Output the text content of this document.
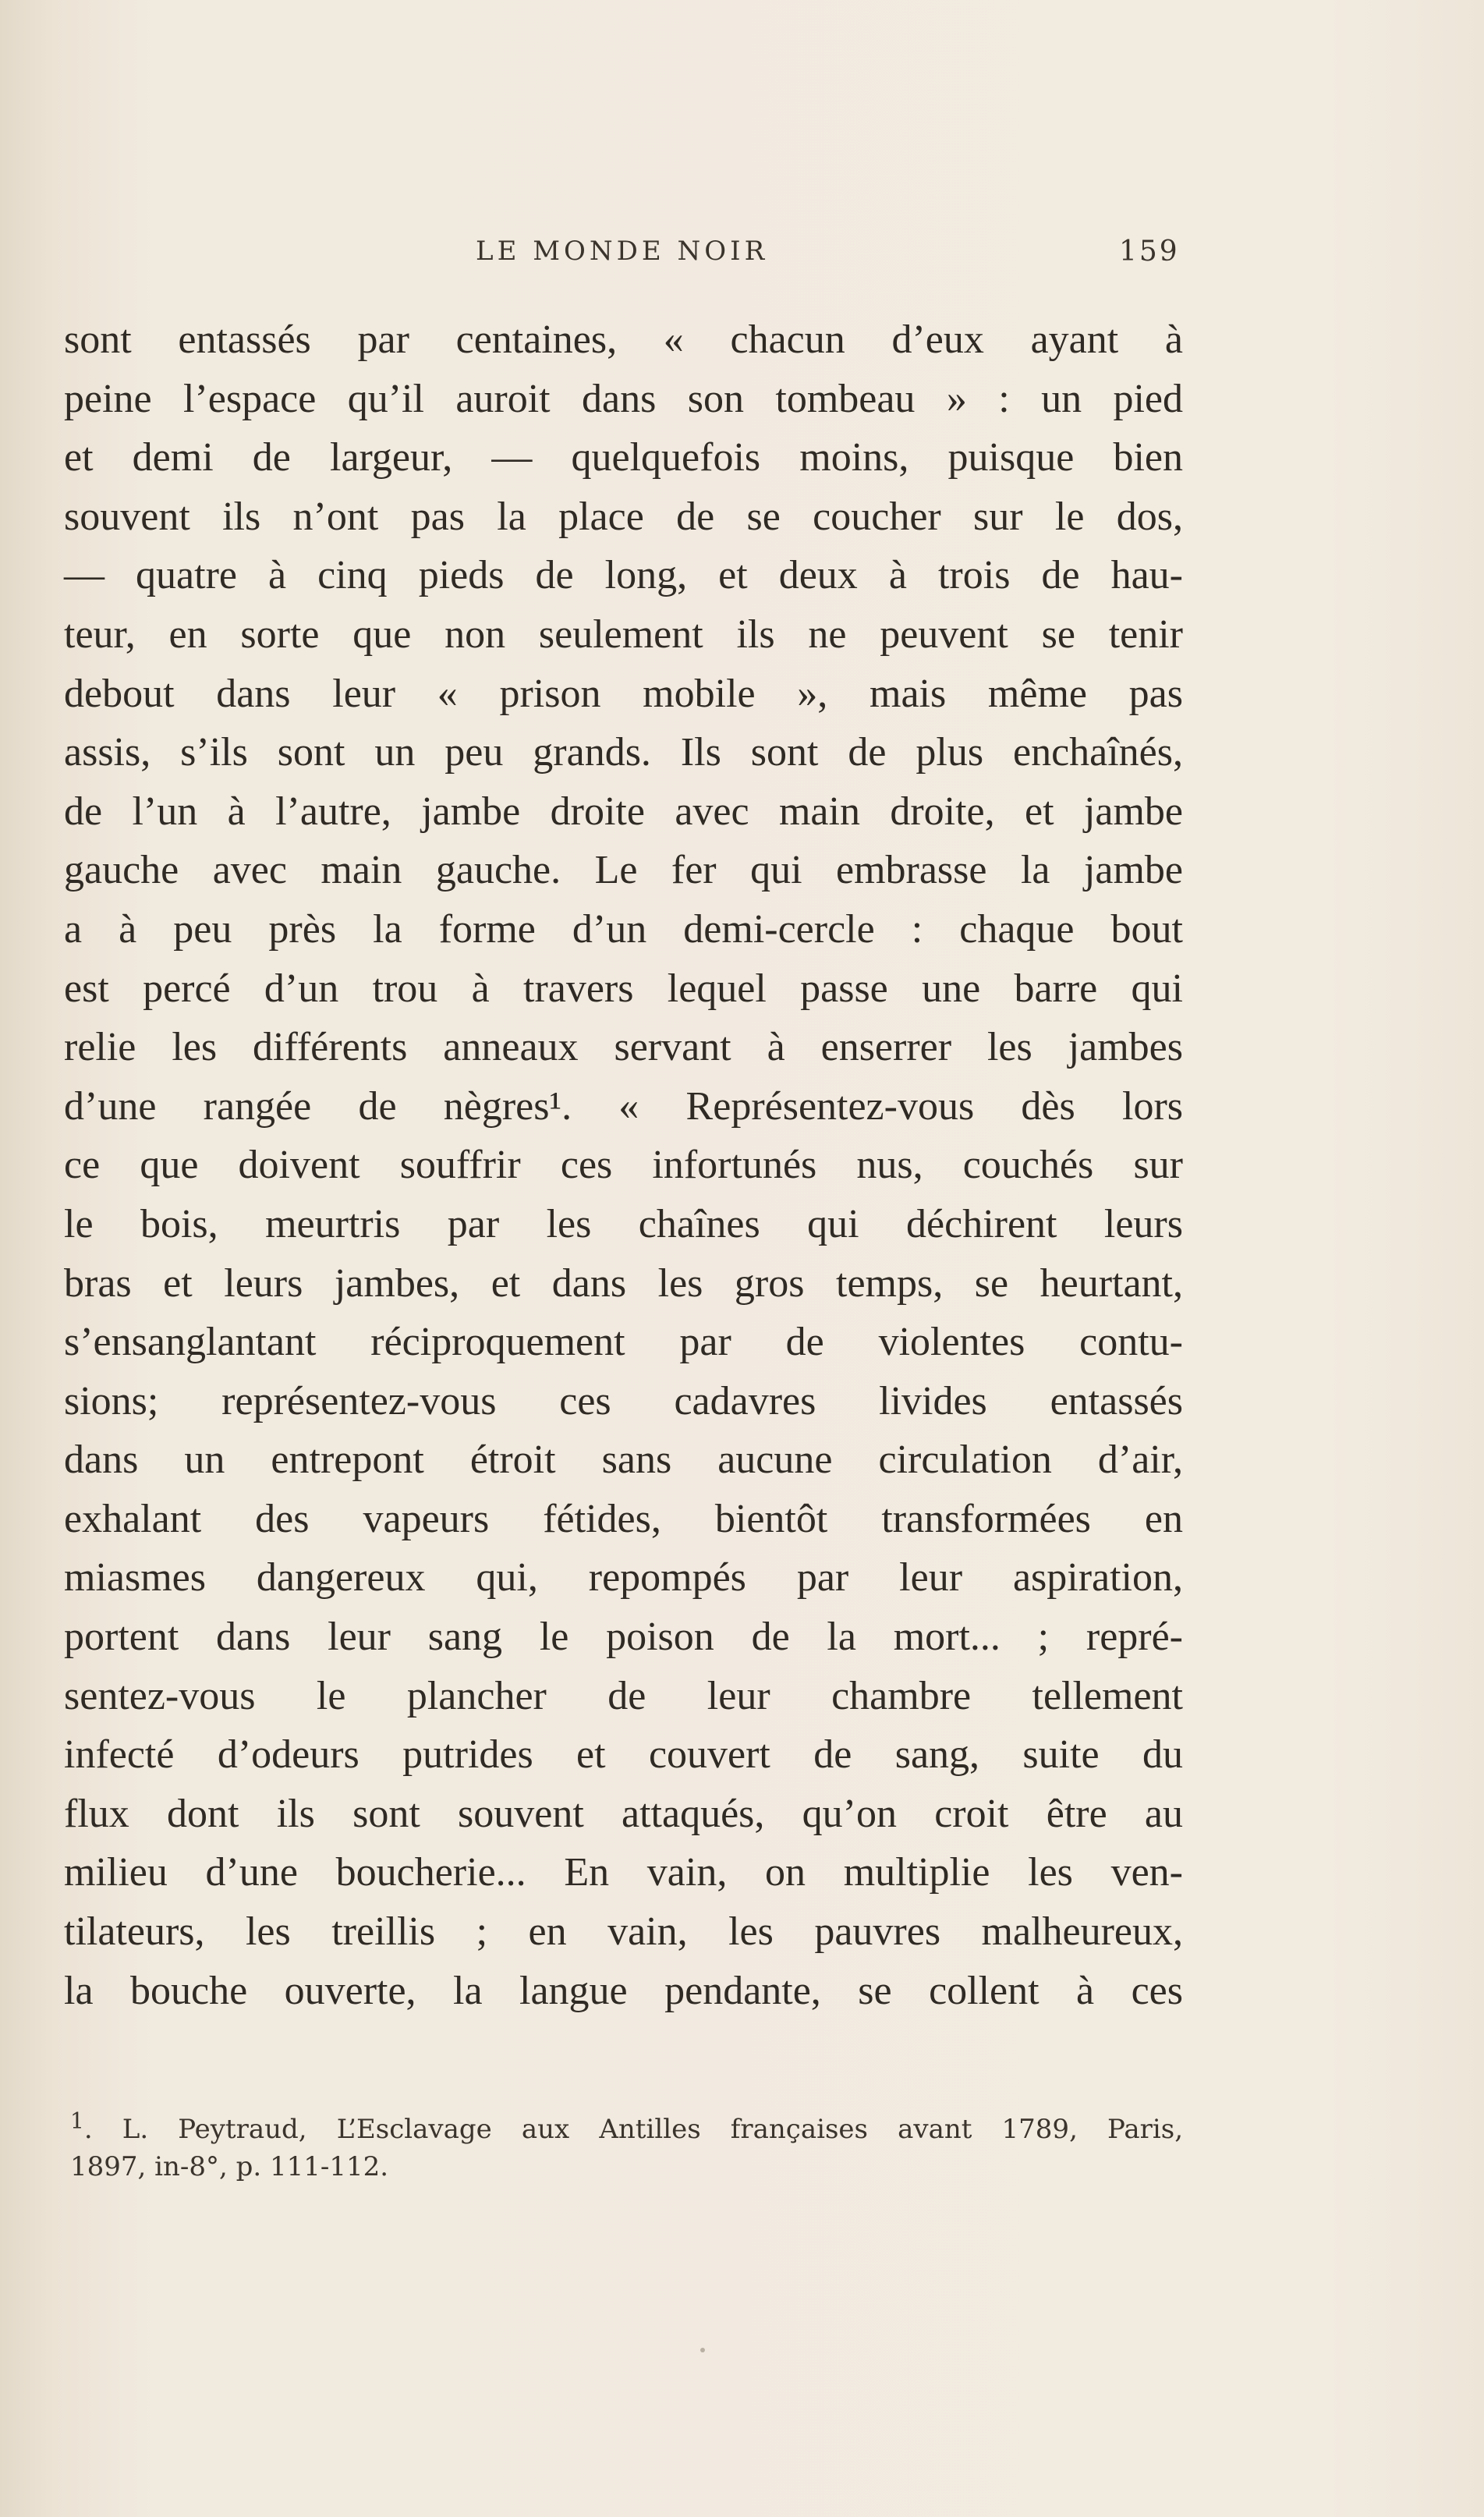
LE MONDE NOIR	159
sont entassés par centaines, « chacun d’eux ayant à
peine l’espace qu’il auroit dans son tombeau » : un pied
et demi de largeur, — quelquefois moins, puisque bien
souvent ils n’ont pas la place de se coucher sur le dos,
— quatre à cinq pieds de long, et deux à trois de hau-
teur, en sorte que non seulement ils ne peuvent se tenir
debout dans leur « prison mobile », mais même pas
assis, s’ils sont un peu grands. Ils sont de plus enchaînés,
de l’un à l’autre, jambe droite avec main droite, et jambe
gauche avec main gauche. Le fer qui embrasse la jambe
a à peu près la forme d’un demi-cercle : chaque bout
est percé d’un trou à travers lequel passe une barre qui
relie les différents anneaux servant à enserrer les jambes
d’une rangée de nègres¹. « Représentez-vous dès lors
ce que doivent souffrir ces infortunés nus, couchés sur
le bois, meurtris par les chaînes qui déchirent leurs
bras et leurs jambes, et dans les gros temps, se heurtant,
s’ensanglantant réciproquement par de violentes contu-
sions; représentez-vous ces cadavres livides entassés
dans un entrepont étroit sans aucune circulation d’air,
exhalant des vapeurs fétides, bientôt transformées en
miasmes dangereux qui, repompés par leur aspiration,
portent dans leur sang le poison de la mort... ; repré-
sentez-vous le plancher de leur chambre tellement
infecté d’odeurs putrides et couvert de sang, suite du
flux dont ils sont souvent attaqués, qu’on croit être au
milieu d’une boucherie... En vain, on multiplie les ven-
tilateurs, les treillis ; en vain, les pauvres malheureux,
la bouche ouverte, la langue pendante, se collent à ces
$^1$. L. Peytraud, L’Esclavage aux Antilles françaises avant 1789, Paris,
1897, in-8°, p. 111-112.
